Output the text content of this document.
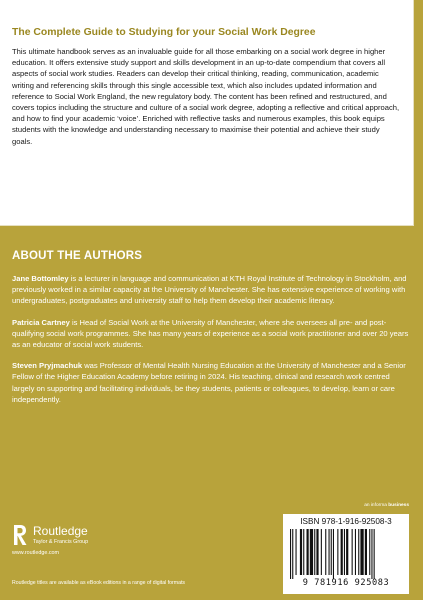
The Complete Guide to Studying for your Social Work Degree

This ultimate handbook serves as an invaluable guide for all those embarking on a social work degree in higher education. It offers extensive study support and skills development in an up-to-date compendium that covers all aspects of social work studies. Readers can develop their critical thinking, reading, communication, academic writing and referencing skills through this single accessible text, which also includes updated information and reference to Social Work England, the new regulatory body. The content has been refined and restructured, and covers topics including the structure and culture of a social work degree, adopting a reflective and critical approach, and how to find your academic ‘voice’. Enriched with reflective tasks and numerous examples, this book equips students with the knowledge and understanding necessary to maximise their potential and achieve their study goals.

ABOUT THE AUTHORS

Jane Bottomley is a lecturer in language and communication at KTH Royal Institute of Technology in Stockholm, and previously worked in a similar capacity at the University of Manchester. She has extensive experience of working with undergraduates, postgraduates and university staff to help them develop their academic literacy.

Patricia Cartney is Head of Social Work at the University of Manchester, where she oversees all pre- and post-qualifying social work programmes. She has many years of experience as a social work practitioner and over 20 years as an educator of social work students.

Steven Pryjmachuk was Professor of Mental Health Nursing Education at the University of Manchester and a Senior Fellow of the Higher Education Academy before retiring in 2024. His teaching, clinical and research work centred largely on supporting and facilitating individuals, be they students, patients or colleagues, to develop, learn or care independently.

Routledge
Taylor & Francis Group
www.routledge.com
Routledge titles are available as eBook editions in a range of digital formats
an informa business
ISBN 978-1-916-92508-3
9 781916 925083
